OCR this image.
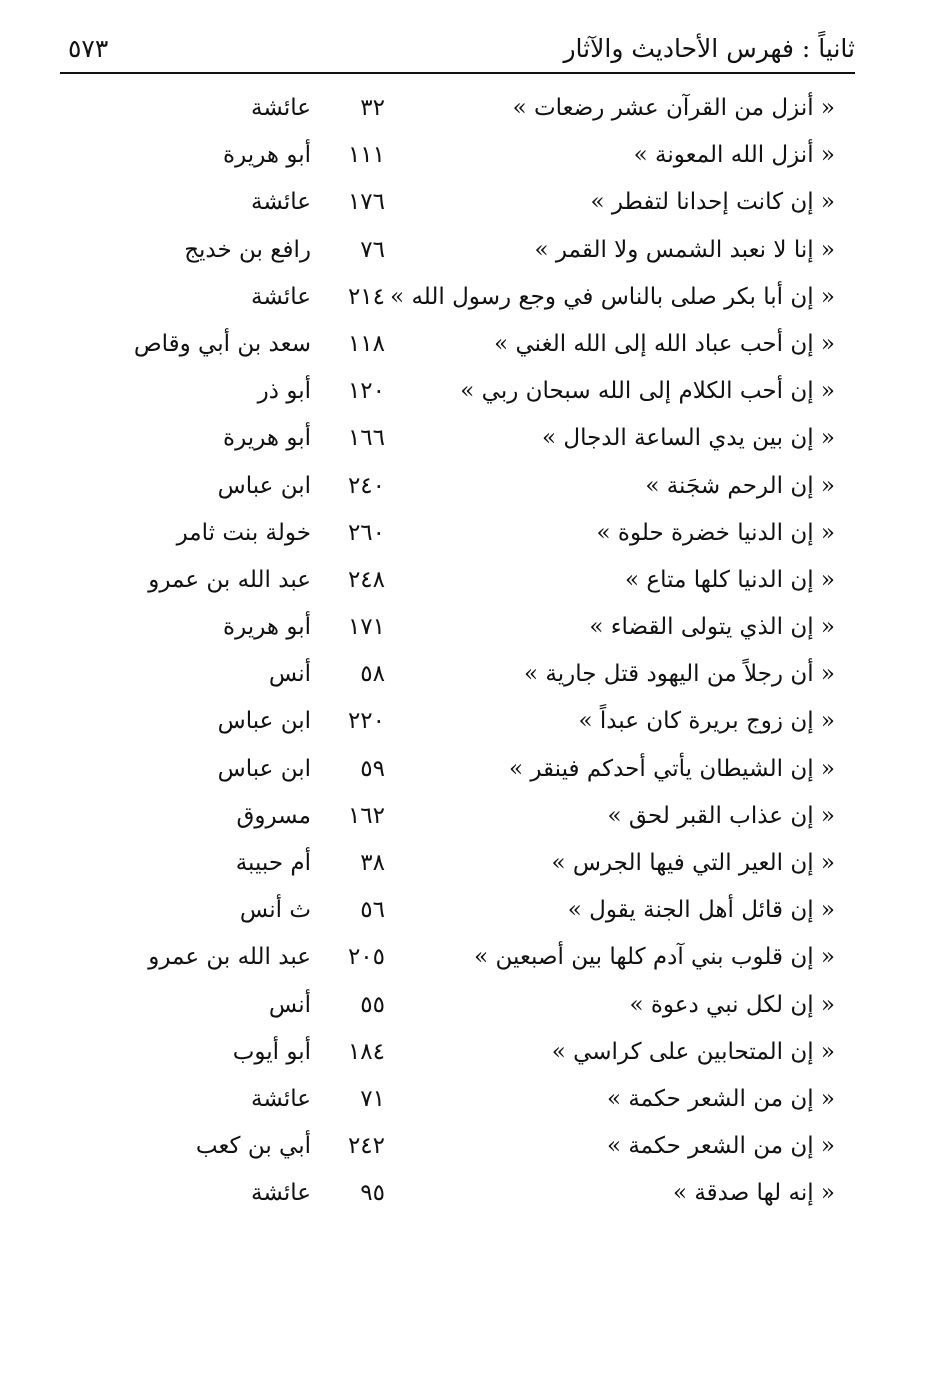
ثانياً : فهرس الأحاديث والآثار
٥٧٣
« أنزل من القرآن عشر رضعات »
٣٢
عائشة
« أنزل الله المعونة »
١١١
أبو هريرة
« إن كانت إحدانا لتفطر »
١٧٦
عائشة
« إنا لا نعبد الشمس ولا القمر »
٧٦
رافع بن خديج
« إن أبا بكر صلى بالناس في وجع رسول الله »
٢١٤
عائشة
« إن أحب عباد الله إلى الله الغني »
١١٨
سعد بن أبي وقاص
« إن أحب الكلام إلى الله سبحان ربي »
١٢٠
أبو ذر
« إن بين يدي الساعة الدجال »
١٦٦
أبو هريرة
« إن الرحم شجَنة »
٢٤٠
ابن عباس
« إن الدنيا خضرة حلوة »
٢٦٠
خولة بنت ثامر
« إن الدنيا كلها متاع »
٢٤٨
عبد الله بن عمرو
« إن الذي يتولى القضاء »
١٧١
أبو هريرة
« أن رجلاً من اليهود قتل جارية »
٥٨
أنس
« إن زوج بريرة كان عبداً »
٢٢٠
ابن عباس
« إن الشيطان يأتي أحدكم فينقر »
٥٩
ابن عباس
« إن عذاب القبر لحق »
١٦٢
مسروق
« إن العير التي فيها الجرس »
٣٨
أم حبيبة
« إن قائل أهل الجنة يقول »
٥٦
ث أنس
« إن قلوب بني آدم كلها بين أصبعين »
٢٠٥
عبد الله بن عمرو
« إن لكل نبي دعوة »
٥٥
أنس
« إن المتحابين على كراسي »
١٨٤
أبو أيوب
« إن من الشعر حكمة »
٧١
عائشة
« إن من الشعر حكمة »
٢٤٢
أبي بن كعب
« إنه لها صدقة »
٩٥
عائشة
